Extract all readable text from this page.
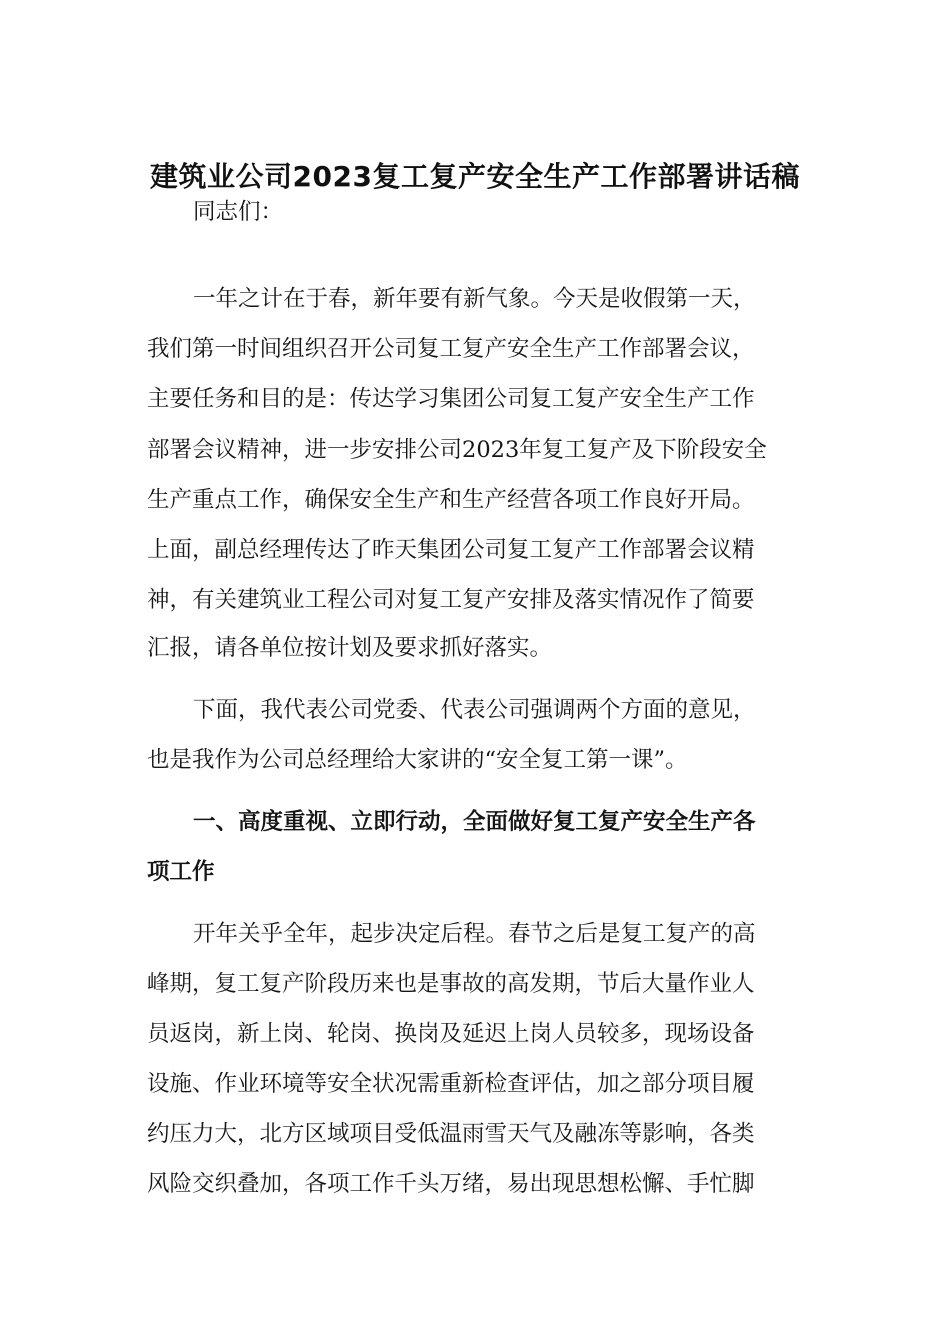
建筑业公司2023复工复产安全生产工作部署讲话稿
同志们：
一年之计在于春，新年要有新气象。今天是收假第一天，
我们第一时间组织召开公司复工复产安全生产工作部署会议，
主要任务和目的是：传达学习集团公司复工复产安全生产工作
部署会议精神，进一步安排公司2023年复工复产及下阶段安全
生产重点工作，确保安全生产和生产经营各项工作良好开局。
上面，副总经理传达了昨天集团公司复工复产工作部署会议精
神，有关建筑业工程公司对复工复产安排及落实情况作了简要
汇报，请各单位按计划及要求抓好落实。
下面，我代表公司党委、代表公司强调两个方面的意见，
也是我作为公司总经理给大家讲的“安全复工第一课”。
一、高度重视、立即行动，全面做好复工复产安全生产各
项工作
开年关乎全年，起步决定后程。春节之后是复工复产的高
峰期，复工复产阶段历来也是事故的高发期，节后大量作业人
员返岗，新上岗、轮岗、换岗及延迟上岗人员较多，现场设备
设施、作业环境等安全状况需重新检查评估，加之部分项目履
约压力大，北方区域项目受低温雨雪天气及融冻等影响，各类
风险交织叠加，各项工作千头万绪，易出现思想松懈、手忙脚
